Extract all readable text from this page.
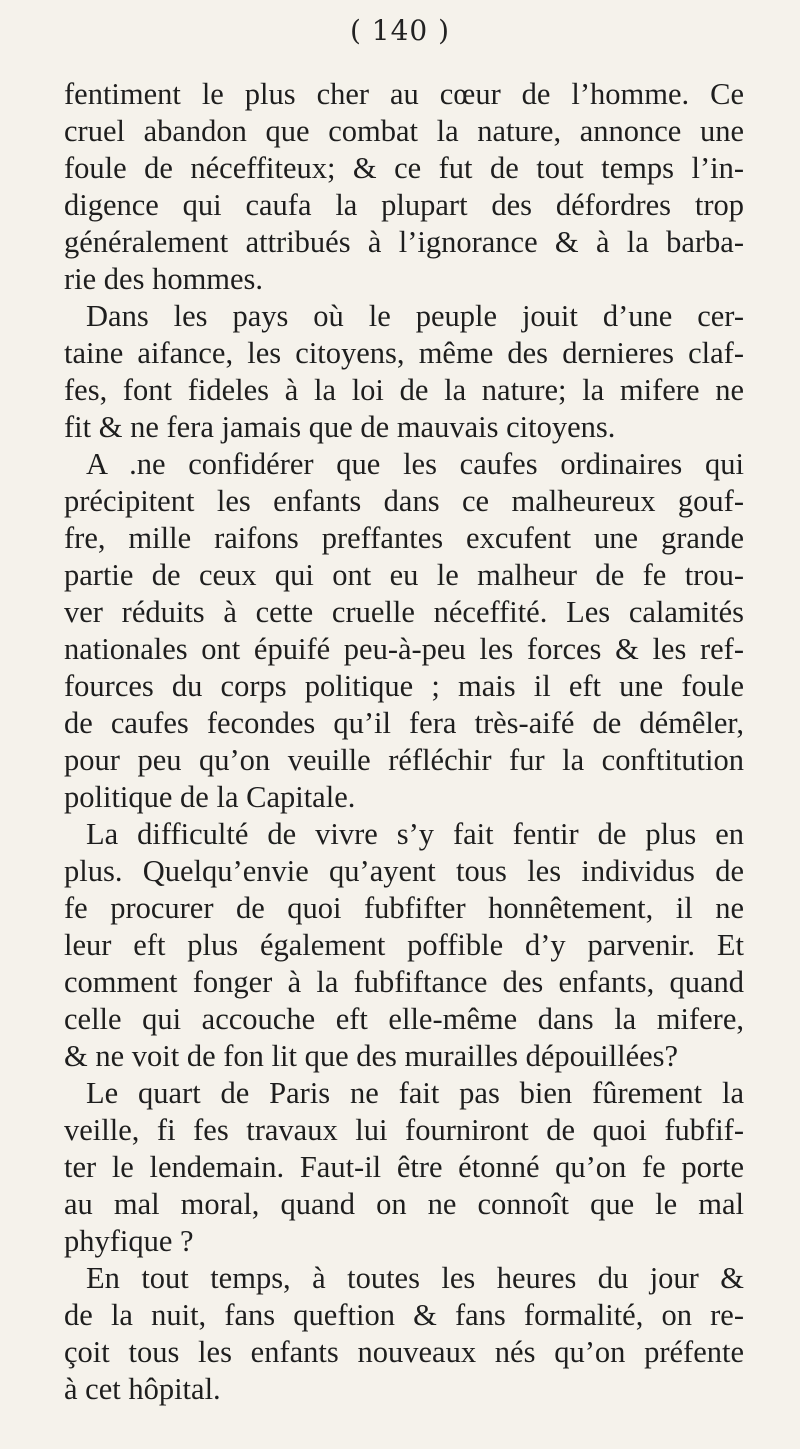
( 140 )
fentiment le plus cher au cœur de l’homme. Ce
cruel abandon que combat la nature, annonce une
foule de néceffiteux; & ce fut de tout temps l’in-
digence qui caufa la plupart des défordres trop
généralement attribués à l’ignorance & à la barba-
rie des hommes.
Dans les pays où le peuple jouit d’une cer-
taine aifance, les citoyens, même des dernieres claf-
fes, font fideles à la loi de la nature; la mifere ne
fit & ne fera jamais que de mauvais citoyens.
A .ne confidérer que les caufes ordinaires qui
précipitent les enfants dans ce malheureux gouf-
fre, mille raifons preffantes excufent une grande
partie de ceux qui ont eu le malheur de fe trou-
ver réduits à cette cruelle néceffité. Les calamités
nationales ont épuifé peu-à-peu les forces & les ref-
fources du corps politique ; mais il eft une foule
de caufes fecondes qu’il fera très-aifé de démêler,
pour peu qu’on veuille réfléchir fur la conftitution
politique de la Capitale.
La difficulté de vivre s’y fait fentir de plus en
plus. Quelqu’envie qu’ayent tous les individus de
fe procurer de quoi fubfifter honnêtement, il ne
leur eft plus également poffible d’y parvenir. Et
comment fonger à la fubfiftance des enfants, quand
celle qui accouche eft elle-même dans la mifere,
& ne voit de fon lit que des murailles dépouillées?
Le quart de Paris ne fait pas bien fûrement la
veille, fi fes travaux lui fourniront de quoi fubfif-
ter le lendemain. Faut-il être étonné qu’on fe porte
au mal moral, quand on ne connoît que le mal
phyfique ?
En tout temps, à toutes les heures du jour &
de la nuit, fans queftion & fans formalité, on re-
çoit tous les enfants nouveaux nés qu’on préfente
à cet hôpital.
